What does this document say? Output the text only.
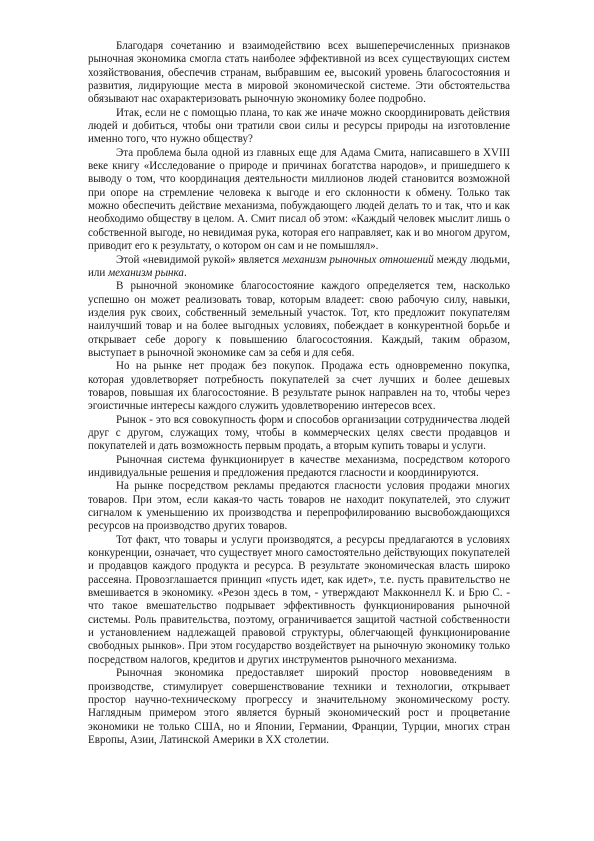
Благодаря сочетанию и взаимодействию всех вышеперечисленных признаков рыночная экономика смогла стать наиболее эффективной из всех существующих систем хозяйствования, обеспечив странам, выбравшим ее, высокий уровень благосостояния и развития, лидирующие места в мировой экономической системе. Эти обстоятельства обязывают нас охарактеризовать рыночную экономику более подробно.

Итак, если не с помощью плана, то как же иначе можно скоординировать действия людей и добиться, чтобы они тратили свои силы и ресурсы природы на изготовление именно того, что нужно обществу?

Эта проблема была одной из главных еще для Адама Смита, написавшего в XVIII веке книгу «Исследование о природе и причинах богатства народов», и пришедшего к выводу о том, что координация деятельности миллионов людей становится возможной при опоре на стремление человека к выгоде и его склонности к обмену. Только так можно обеспечить действие механизма, побуждающего людей делать то и так, что и как необходимо обществу в целом. А. Смит писал об этом: «Каждый человек мыслит лишь о собственной выгоде, но невидимая рука, которая его направляет, как и во многом другом, приводит его к результату, о котором он сам и не помышлял».

Этой «невидимой рукой» является механизм рыночных отношений между людьми, или механизм рынка.

В рыночной экономике благосостояние каждого определяется тем, насколько успешно он может реализовать товар, которым владеет: свою рабочую силу, навыки, изделия рук своих, собственный земельный участок. Тот, кто предложит покупателям наилучший товар и на более выгодных условиях, побеждает в конкурентной борьбе и открывает себе дорогу к повышению благосостояния. Каждый, таким образом, выступает в рыночной экономике сам за себя и для себя.

Но на рынке нет продаж без покупок. Продажа есть одновременно покупка, которая удовлетворяет потребность покупателей за счет лучших и более дешевых товаров, повышая их благосостояние. В результате рынок направлен на то, чтобы через эгоистичные интересы каждого служить удовлетворению интересов всех.

Рынок - это вся совокупность форм и способов организации сотрудничества людей друг с другом, служащих тому, чтобы в коммерческих целях свести продавцов и покупателей и дать возможность первым продать, а вторым купить товары и услуги.

Рыночная система функционирует в качестве механизма, посредством которого индивидуальные решения и предложения предаются гласности и координируются.

На рынке посредством рекламы предаются гласности условия продажи многих товаров. При этом, если какая-то часть товаров не находит покупателей, это служит сигналом к уменьшению их производства и перепрофилированию высвобождающихся ресурсов на производство других товаров.

Тот факт, что товары и услуги производятся, а ресурсы предлагаются в условиях конкуренции, означает, что существует много самостоятельно действующих покупателей и продавцов каждого продукта и ресурса. В результате экономическая власть широко рассеяна. Провозглашается принцип «пусть идет, как идет», т.е. пусть правительство не вмешивается в экономику. «Резон здесь в том, - утверждают Макконнелл К. и Брю С. - что такое вмешательство подрывает эффективность функционирования рыночной системы. Роль правительства, поэтому, ограничивается защитой частной собственности и установлением надлежащей правовой структуры, облегчающей функционирование свободных рынков». При этом государство воздействует на рыночную экономику только посредством налогов, кредитов и других инструментов рыночного механизма.

Рыночная экономика предоставляет широкий простор нововведениям в производстве, стимулирует совершенствование техники и технологии, открывает простор научно-техническому прогрессу и значительному экономическому росту. Наглядным примером этого является бурный экономический рост и процветание экономики не только США, но и Японии, Германии, Франции, Турции, многих стран Европы, Азии, Латинской Америки в XX столетии.
